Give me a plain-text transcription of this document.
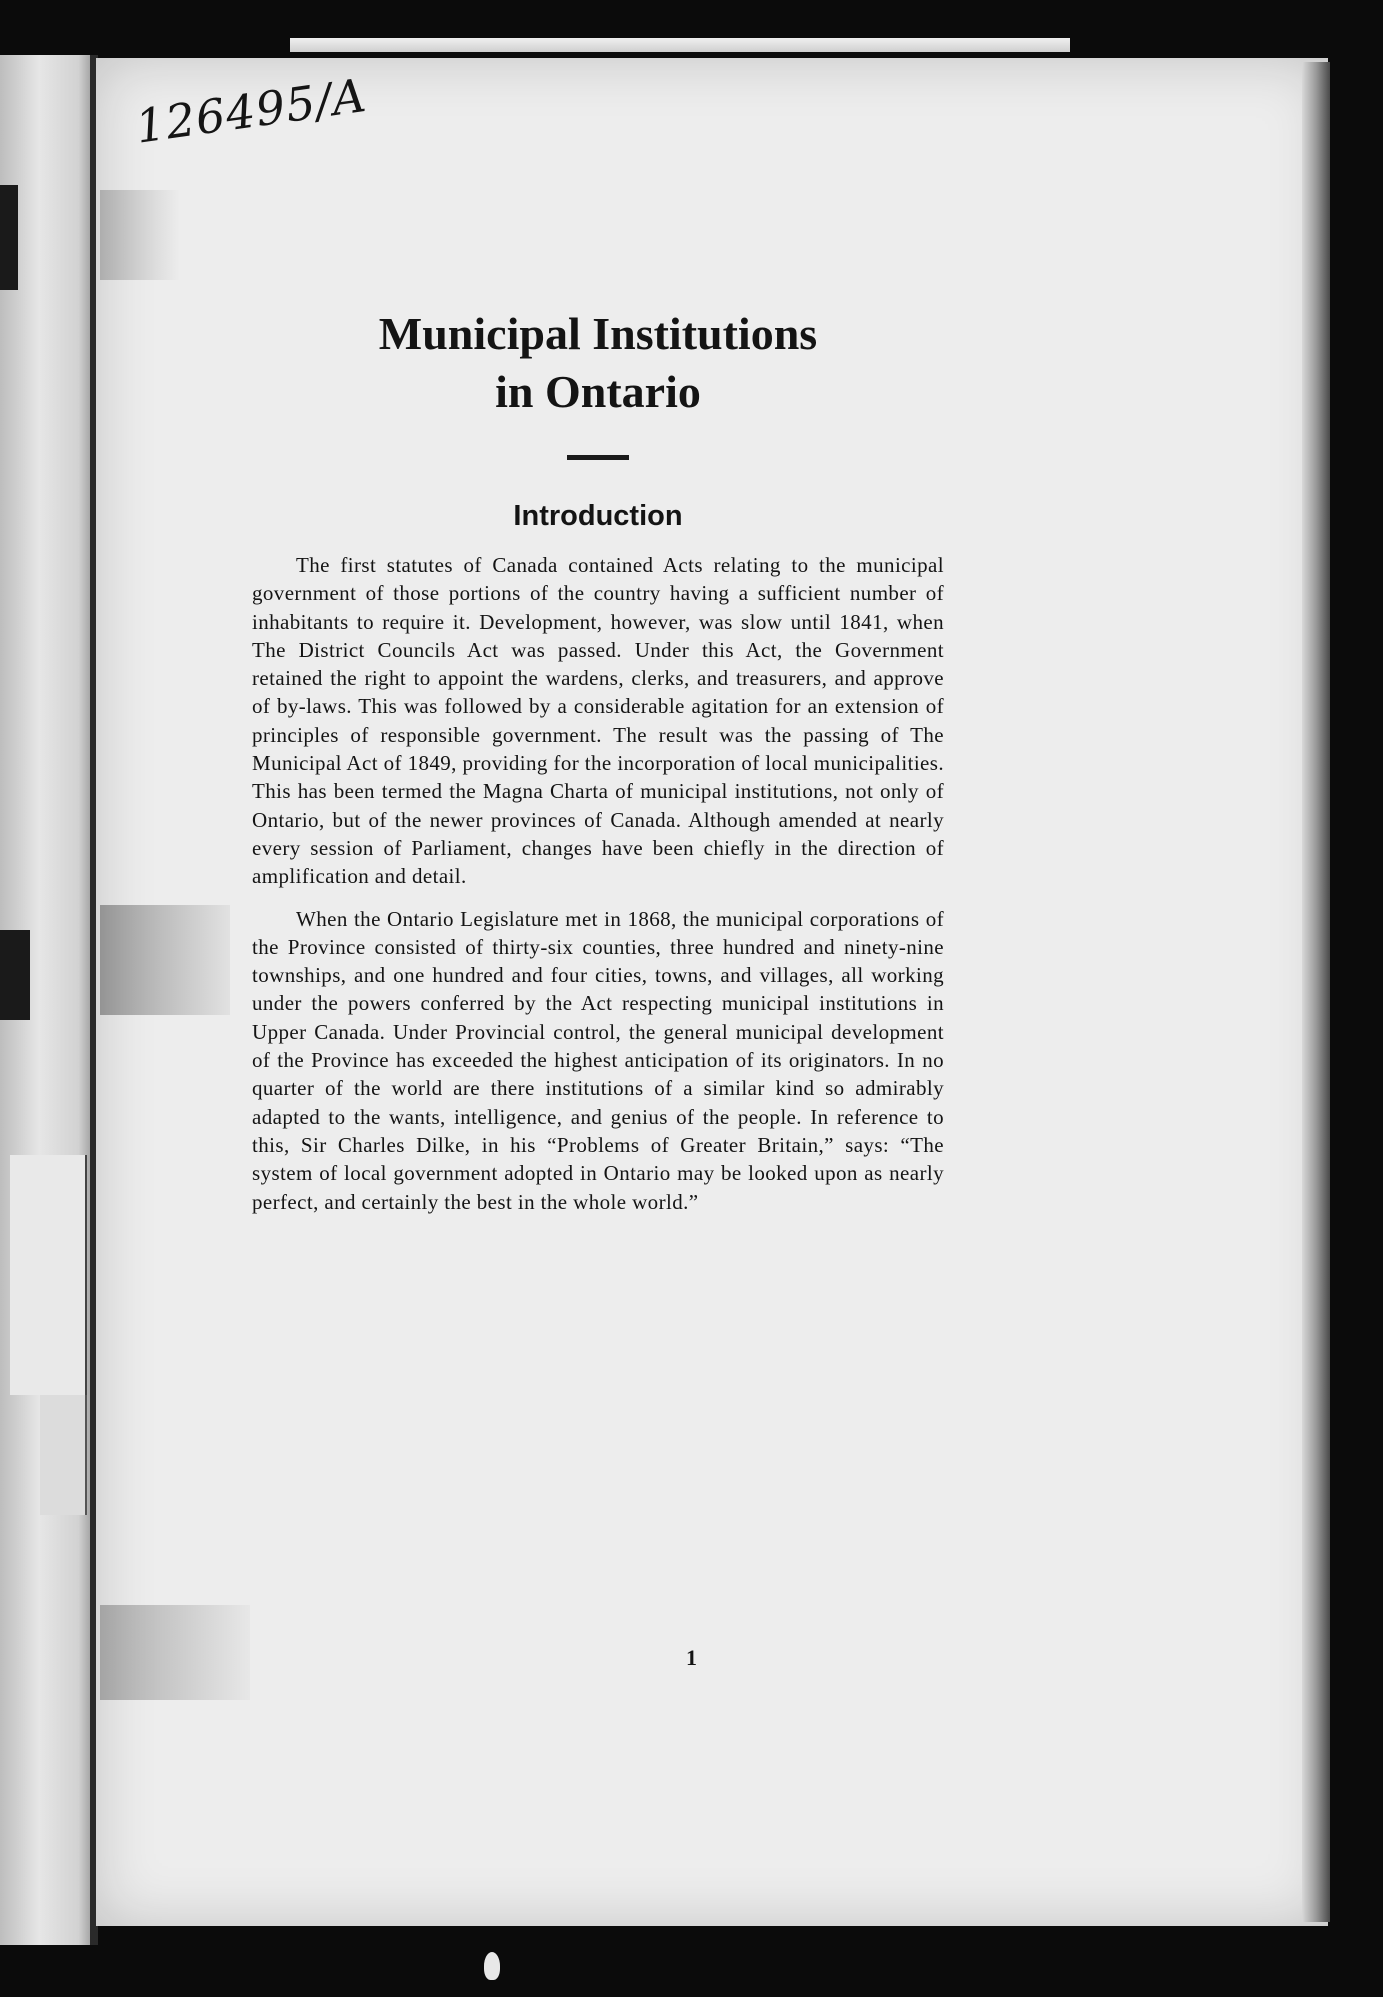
126495/A
Municipal Institutions
in Ontario
Introduction

The first statutes of Canada contained Acts relating to the municipal government of those portions of the country having a sufficient number of inhabitants to require it. Development, however, was slow until 1841, when The District Councils Act was passed. Under this Act, the Government retained the right to appoint the wardens, clerks, and treasurers, and approve of by-laws. This was followed by a considerable agitation for an extension of principles of responsible government. The result was the passing of The Municipal Act of 1849, providing for the incorporation of local municipalities. This has been termed the Magna Charta of municipal institutions, not only of Ontario, but of the newer provinces of Canada. Although amended at nearly every session of Parliament, changes have been chiefly in the direction of amplification and detail.

When the Ontario Legislature met in 1868, the municipal corporations of the Province consisted of thirty-six counties, three hundred and ninety-nine townships, and one hundred and four cities, towns, and villages, all working under the powers conferred by the Act respecting municipal institutions in Upper Canada. Under Provincial control, the general municipal development of the Province has exceeded the highest anticipation of its originators. In no quarter of the world are there institutions of a similar kind so admirably adapted to the wants, intelligence, and genius of the people. In reference to this, Sir Charles Dilke, in his “Problems of Greater Britain,” says: “The system of local government adopted in Ontario may be looked upon as nearly perfect, and certainly the best in the whole world.”

1
